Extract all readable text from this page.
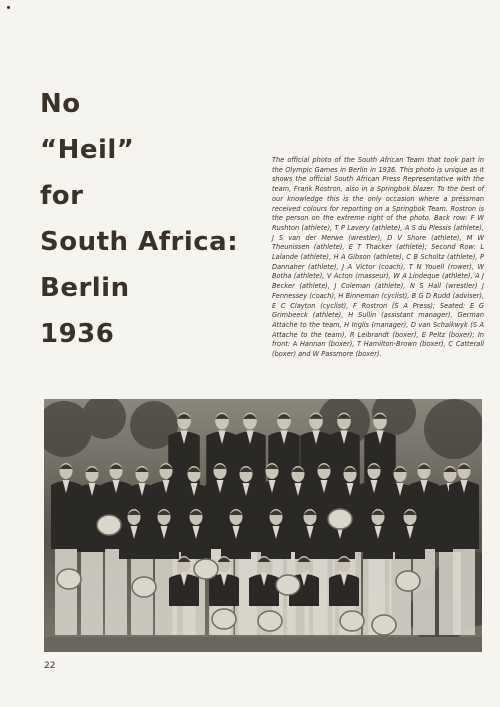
No
“Heil”
for
South Africa:
Berlin
1936
The official photo of the South African Team that took part in the Olympic Games in Berlin in 1936. This photo is unique as it shows the official South African Press Representative with the team, Frank Rostron, also in a Springbok blazer. To the best of our knowledge this is the only occasion where a pressman received colours for reporting on a Springbok Team. Rostron is the person on the extreme right of the photo. Back row: F W Rushton (athlete), T P Lavery (athlete), A S du Plessis (athlete), J S van der Merwe (wrestler), D V Shore (athlete), M W Theunissen (athlete), E T Thacker (athlete); Second Row: L Lalande (athlete), H A Gibson (athlete), C B Scholtz (athlete), P Dannaher (athlete), J A Victor (coach), T N Youell (rower), W Botha (athlete), V Acton (masseur), W A Lindeque (athlete), A J Becker (athlete), J Coleman (athlete), N S Hall (wrestler) J Fennessey (coach), H Binneman (cyclist), B G D Rudd (adviser), E C Clayton (cyclist), F Rostron (S A Press); Seated: E G Grimbeeck (athlete), H Sullin (assistant manager), German Attache to the team, H Inglis (manager), D van Schalkwyk (S A Attache to the team), R Leibrandt (boxer), E Peltz (boxer); In front: A Hannan (boxer), T Hamilton-Brown (boxer), C Catterall (boxer) and W Passmore (boxer).
22
